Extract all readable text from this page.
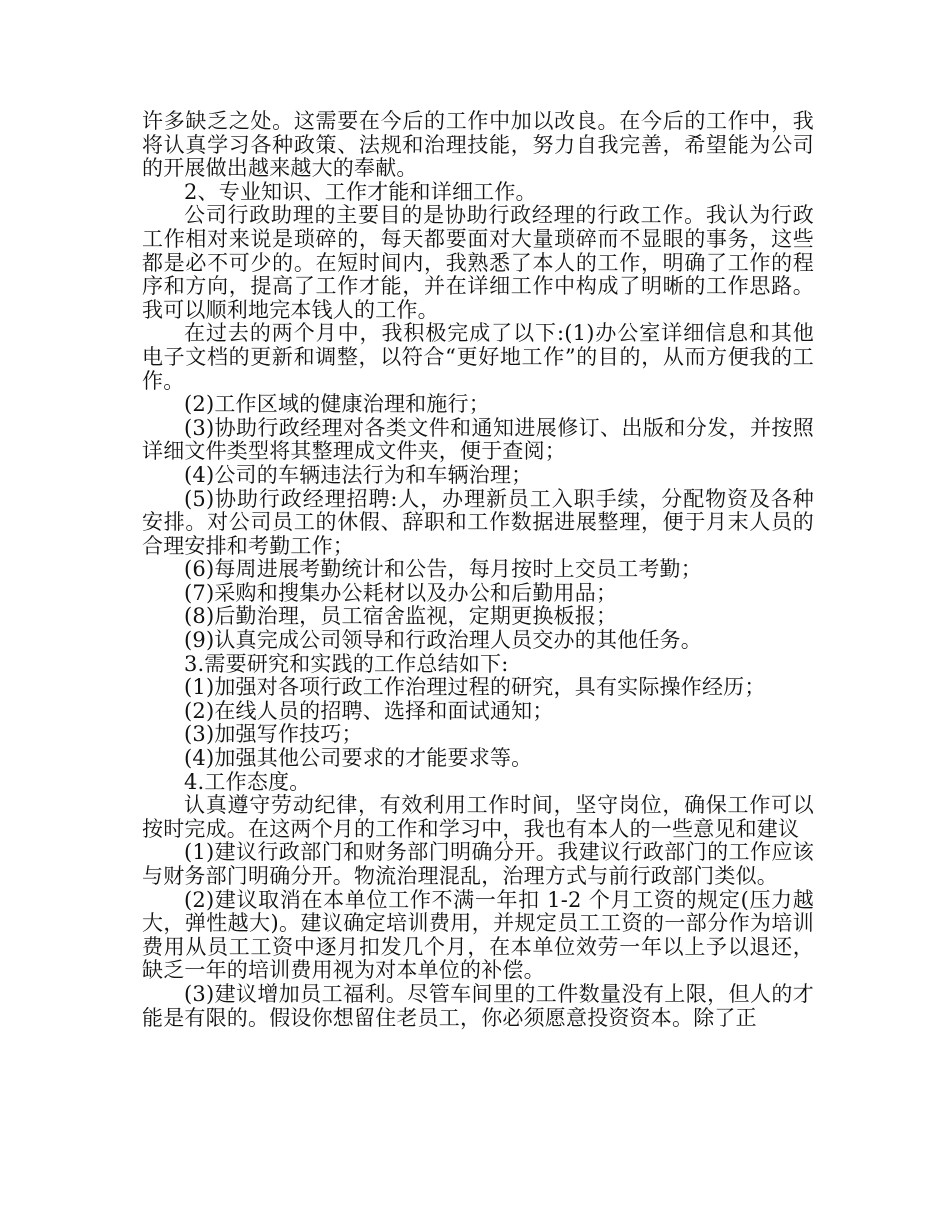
许多缺乏之处。这需要在今后的工作中加以改良。在今后的工作中，我将认真学习各种政策、法规和治理技能，努力自我完善，希望能为公司的开展做出越来越大的奉献。

2、专业知识、工作才能和详细工作。

公司行政助理的主要目的是协助行政经理的行政工作。我认为行政工作相对来说是琐碎的，每天都要面对大量琐碎而不显眼的事务，这些都是必不可少的。在短时间内，我熟悉了本人的工作，明确了工作的程序和方向，提高了工作才能，并在详细工作中构成了明晰的工作思路。我可以顺利地完本钱人的工作。

在过去的两个月中，我积极完成了以下:(1)办公室详细信息和其他电子文档的更新和调整，以符合“更好地工作”的目的，从而方便我的工作。

(2)工作区域的健康治理和施行；

(3)协助行政经理对各类文件和通知进展修订、出版和分发，并按照详细文件类型将其整理成文件夹，便于查阅；

(4)公司的车辆违法行为和车辆治理；

(5)协助行政经理招聘:人，办理新员工入职手续，分配物资及各种安排。对公司员工的休假、辞职和工作数据进展整理，便于月末人员的合理安排和考勤工作；

(6)每周进展考勤统计和公告，每月按时上交员工考勤；

(7)采购和搜集办公耗材以及办公和后勤用品；

(8)后勤治理，员工宿舍监视，定期更换板报；

(9)认真完成公司领导和行政治理人员交办的其他任务。

3.需要研究和实践的工作总结如下:

(1)加强对各项行政工作治理过程的研究，具有实际操作经历；

(2)在线人员的招聘、选择和面试通知；

(3)加强写作技巧；

(4)加强其他公司要求的才能要求等。

4.工作态度。

认真遵守劳动纪律，有效利用工作时间，坚守岗位，确保工作可以按时完成。在这两个月的工作和学习中，我也有本人的一些意见和建议

(1)建议行政部门和财务部门明确分开。我建议行政部门的工作应该与财务部门明确分开。物流治理混乱，治理方式与前行政部门类似。

(2)建议取消在本单位工作不满一年扣 1-2 个月工资的规定(压力越大，弹性越大)。建议确定培训费用，并规定员工工资的一部分作为培训费用从员工工资中逐月扣发几个月，在本单位效劳一年以上予以退还，缺乏一年的培训费用视为对本单位的补偿。

(3)建议增加员工福利。尽管车间里的工件数量没有上限，但人的才能是有限的。假设你想留住老员工，你必须愿意投资资本。除了正
